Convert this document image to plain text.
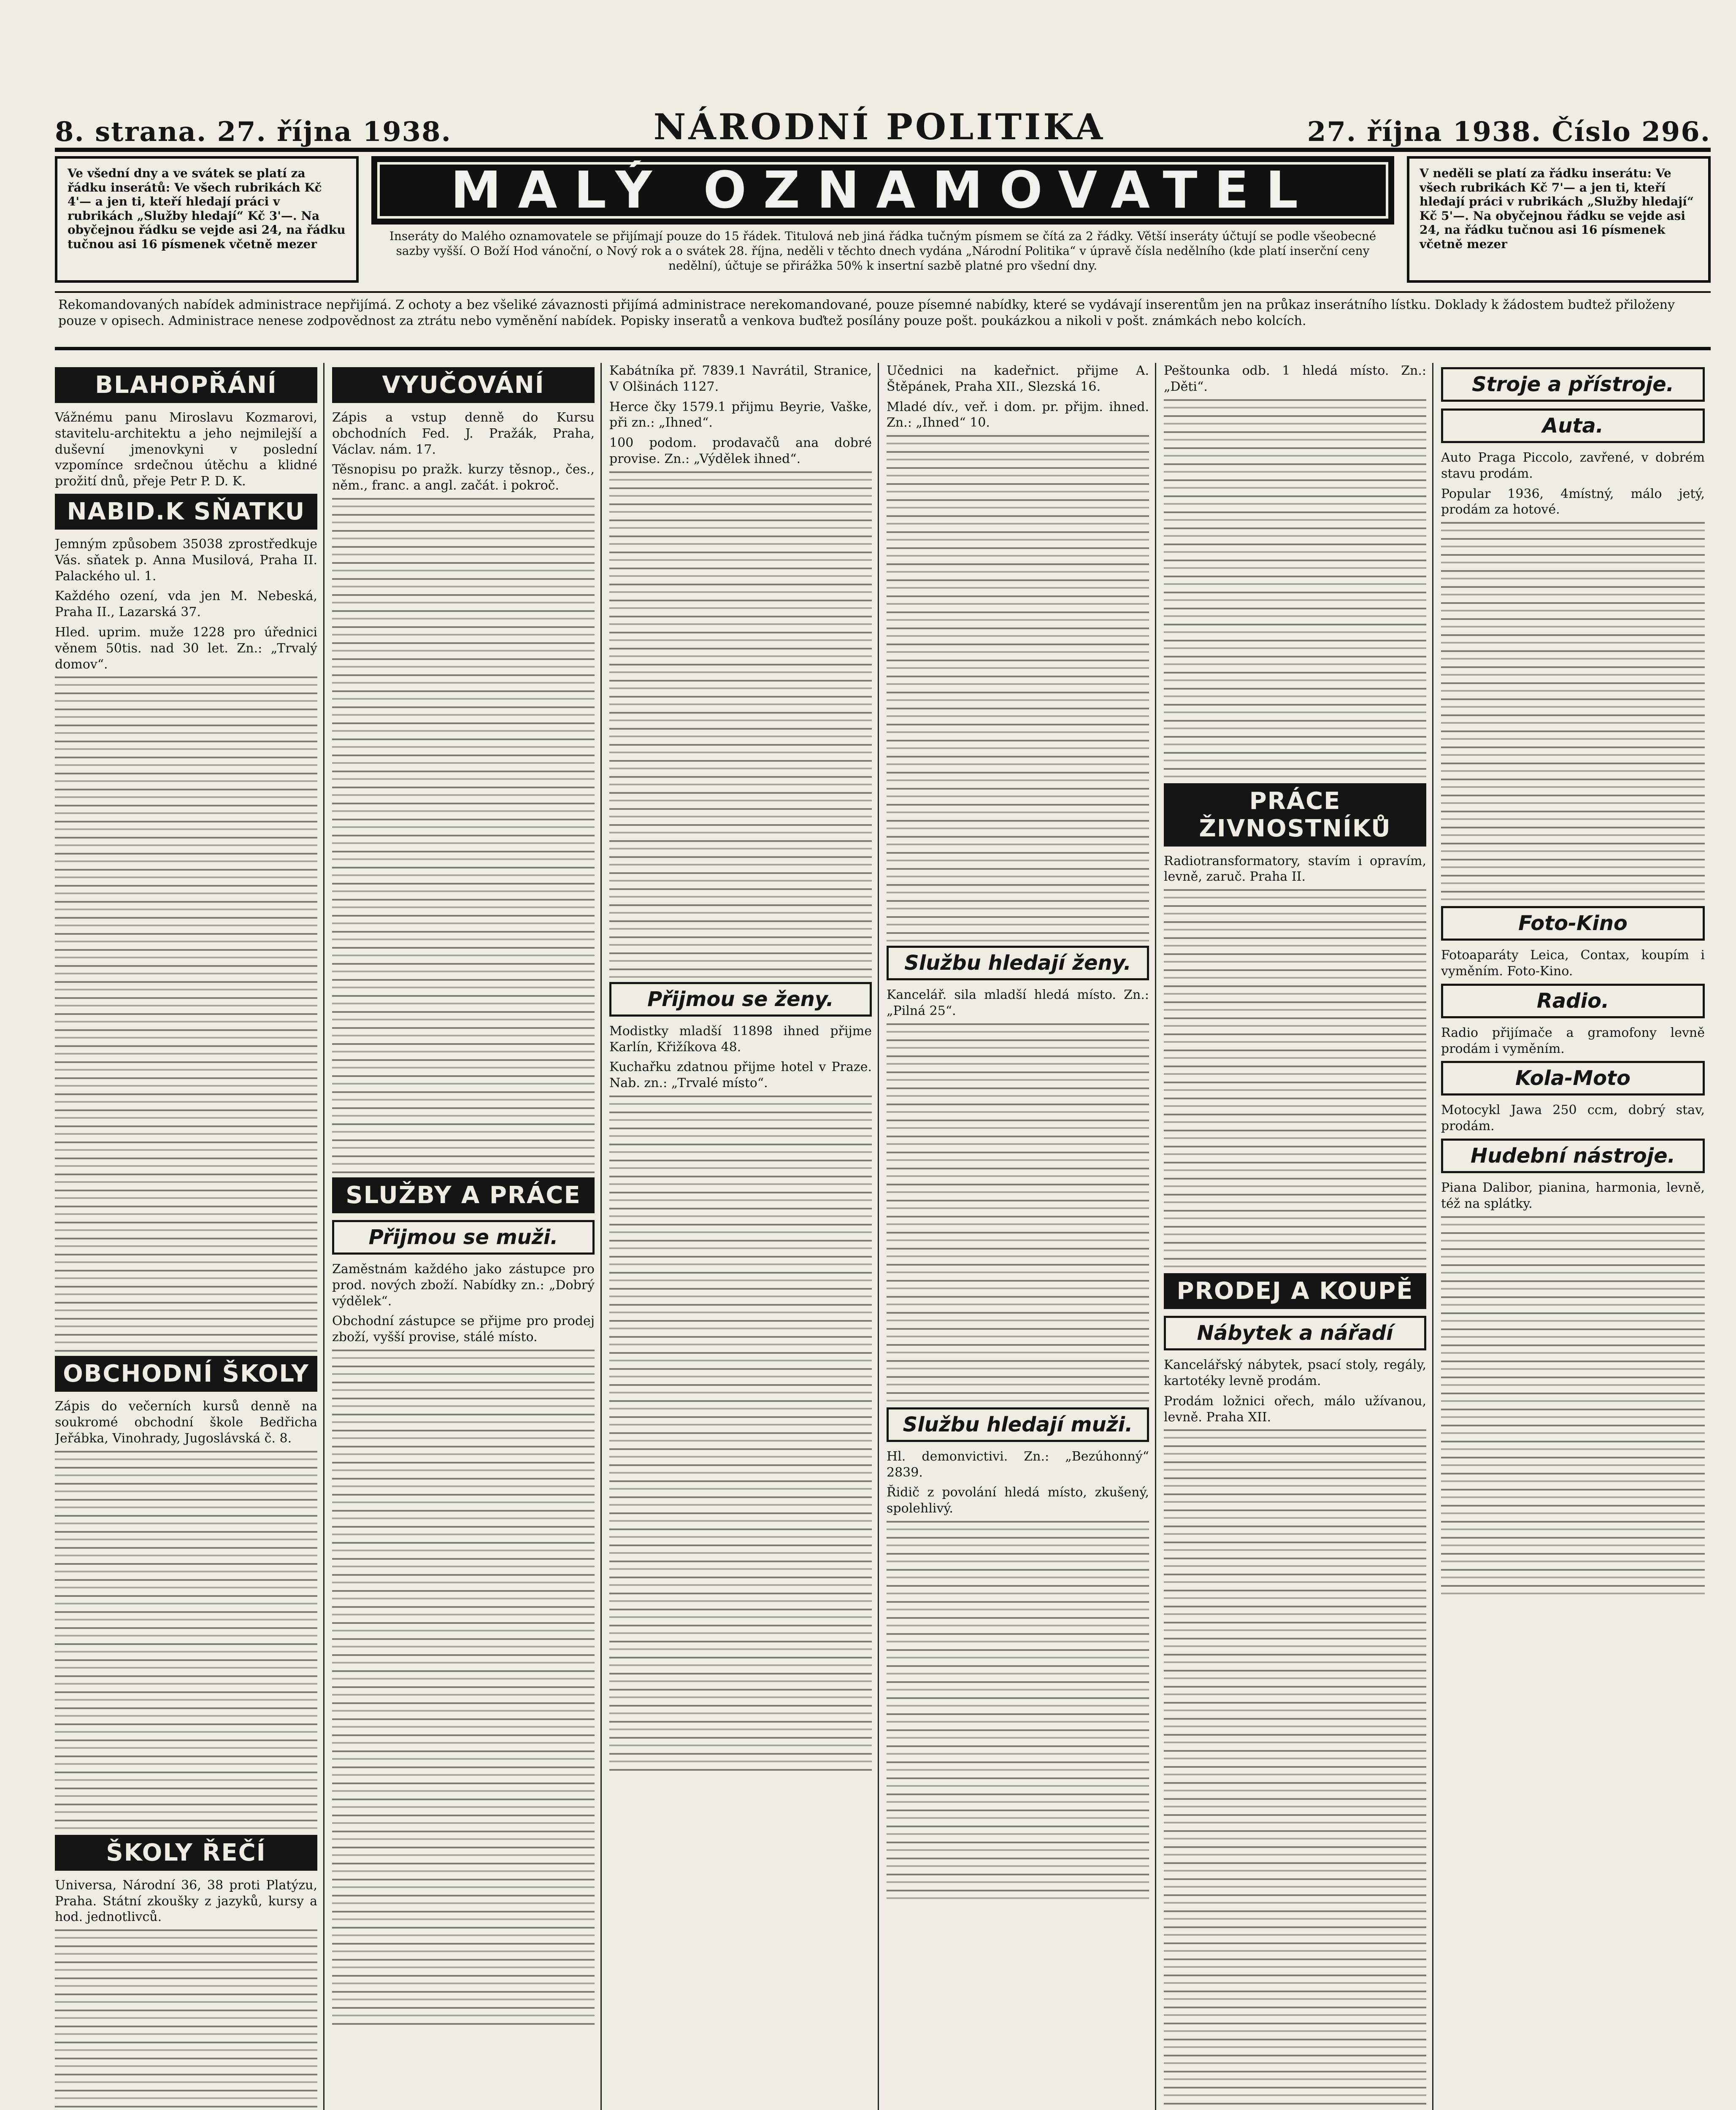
8. strana. 27. října 1938.	NÁRODNÍ POLITIKA	27. října 1938. Číslo 296.
Ve všední dny a ve svátek se platí za řádku inserátů: Ve všech rubrikách Kč 4'— a jen ti, kteří hledají práci v rubrikách „Služby hledají“ Kč 3'—. Na obyčejnou řádku se vejde asi 24, na řádku tučnou asi 16 písmenek včetně mezer
MALÝ OZNAMOVATEL
Inseráty do Malého oznamovatele se přijímají pouze do 15 řádek. Titulová neb jiná řádka tučným písmem se čítá za 2 řádky. Větší inseráty účtují se podle všeobecné sazby vyšší. O Boží Hod vánoční, o Nový rok a o svátek 28. října, neděli v těchto dnech vydána „Národní Politika“ v úpravě čísla nedělního (kde platí inserční ceny nedělní), účtuje se přirážka 50% k insertní sazbě platné pro všední dny.
V neděli se platí za řádku inserátu: Ve všech rubrikách Kč 7'— a jen ti, kteří hledají práci v rubrikách „Služby hledají“ Kč 5'—. Na obyčejnou řádku se vejde asi 24, na řádku tučnou asi 16 písmenek včetně mezer
Rekomandovaných nabídek administrace nepřijímá. Z ochoty a bez všeliké závaznosti přijímá administrace nerekomandované, pouze písemné nabídky, které se vydávají inserentům jen na průkaz inserátního lístku. Doklady k žádostem budtež přiloženy pouze v opisech. Administrace nenese zodpovědnost za ztrátu nebo vyměnění nabídek. Popisky inseratů a venkova buďtež posílány pouze pošt. poukázkou a nikoli v pošt. známkách nebo kolcích.
BLAHOPŘÁNÍ

Vážnému panu Miroslavu Kozmarovi, stavitelu-architektu a jeho nejmilejší a duševní jmenovkyni v poslední vzpomínce srdečnou útěchu a klidné prožití dnů, přeje Petr P. D. K.

NABID.K SŇATKU

Jemným způsobem 35038 zprostředkuje Vás. sňatek p. Anna Musilová, Praha II. Palackého ul. 1.

Každého ození, vda jen M. Nebeská, Praha II., Lazarská 37.

Hled. uprim. muže 1228 pro úřednici věnem 50tis. nad 30 let. Zn.: „Trvalý domov“.

OBCHODNÍ ŠKOLY

Zápis do večerních kursů denně na soukromé obchodní škole Bedřicha Jeřábka, Vinohrady, Jugoslávská č. 8.

ŠKOLY ŘEČÍ

Universa, Národní 36, 38 proti Platýzu, Praha. Státní zkoušky z jazyků, kursy a hod. jednotlivců.

VYUČOVÁNÍ

Zápis a vstup denně do Kursu obchodních Fed. J. Pražák, Praha, Václav. nám. 17.

Těsnopisu po pražk. kurzy těsnop., čes., něm., franc. a angl. začát. i pokroč.

SLUŽBY A PRÁCE
Přijmou se muži.

Zaměstnám každého jako zástupce pro prod. nových zboží. Nabídky zn.: „Dobrý výdělek“.

Obchodní zástupce se přijme pro prodej zboží, vyšší provise, stálé místo.

Kabátníka př. 7839.1 Navrátil, Stranice, V Olšinách 1127.

Herce čky 1579.1 přijmu Beyrie, Vaške, při zn.: „Ihned“.

100 podom. prodavačů ana dobré provise. Zn.: „Výdělek ihned“.

Přijmou se ženy.

Modistky mladší 11898 ihned přijme Karlín, Křižíkova 48.

Kuchařku zdatnou přijme hotel v Praze. Nab. zn.: „Trvalé místo“.

Učednici na kadeřnict. přijme A. Štěpánek, Praha XII., Slezská 16.

Mladé dív., veř. i dom. pr. přijm. ihned. Zn.: „Ihned“ 10.

Službu hledají ženy.

Kancelář. sila mladší hledá místo. Zn.: „Pilná 25“.

Službu hledají muži.

Hl. demonvictivi. Zn.: „Bezúhonný“ 2839.

Řidič z povolání hledá místo, zkušený, spolehlivý.

Peštounka odb. 1 hledá místo. Zn.: „Děti“.

PRÁCE ŽIVNOSTNÍKŮ

Radiotransformatory, stavím i opravím, levně, zaruč. Praha II.

PRODEJ A KOUPĚ
Nábytek a nářadí

Kancelářský nábytek, psací stoly, regály, kartotéky levně prodám.

Prodám ložnici ořech, málo užívanou, levně. Praha XII.

Stroje a přístroje.
Auta.

Auto Praga Piccolo, zavřené, v dobrém stavu prodám.

Popular 1936, 4místný, málo jetý, prodám za hotové.

Foto-Kino

Fotoaparáty Leica, Contax, koupím i vyměním. Foto-Kino.

Radio.

Radio přijímače a gramofony levně prodám i vyměním.

Kola-Moto

Motocykl Jawa 250 ccm, dobrý stav, prodám.

Hudební nástroje.

Piana Dalibor, pianina, harmonia, levně, též na splátky.
